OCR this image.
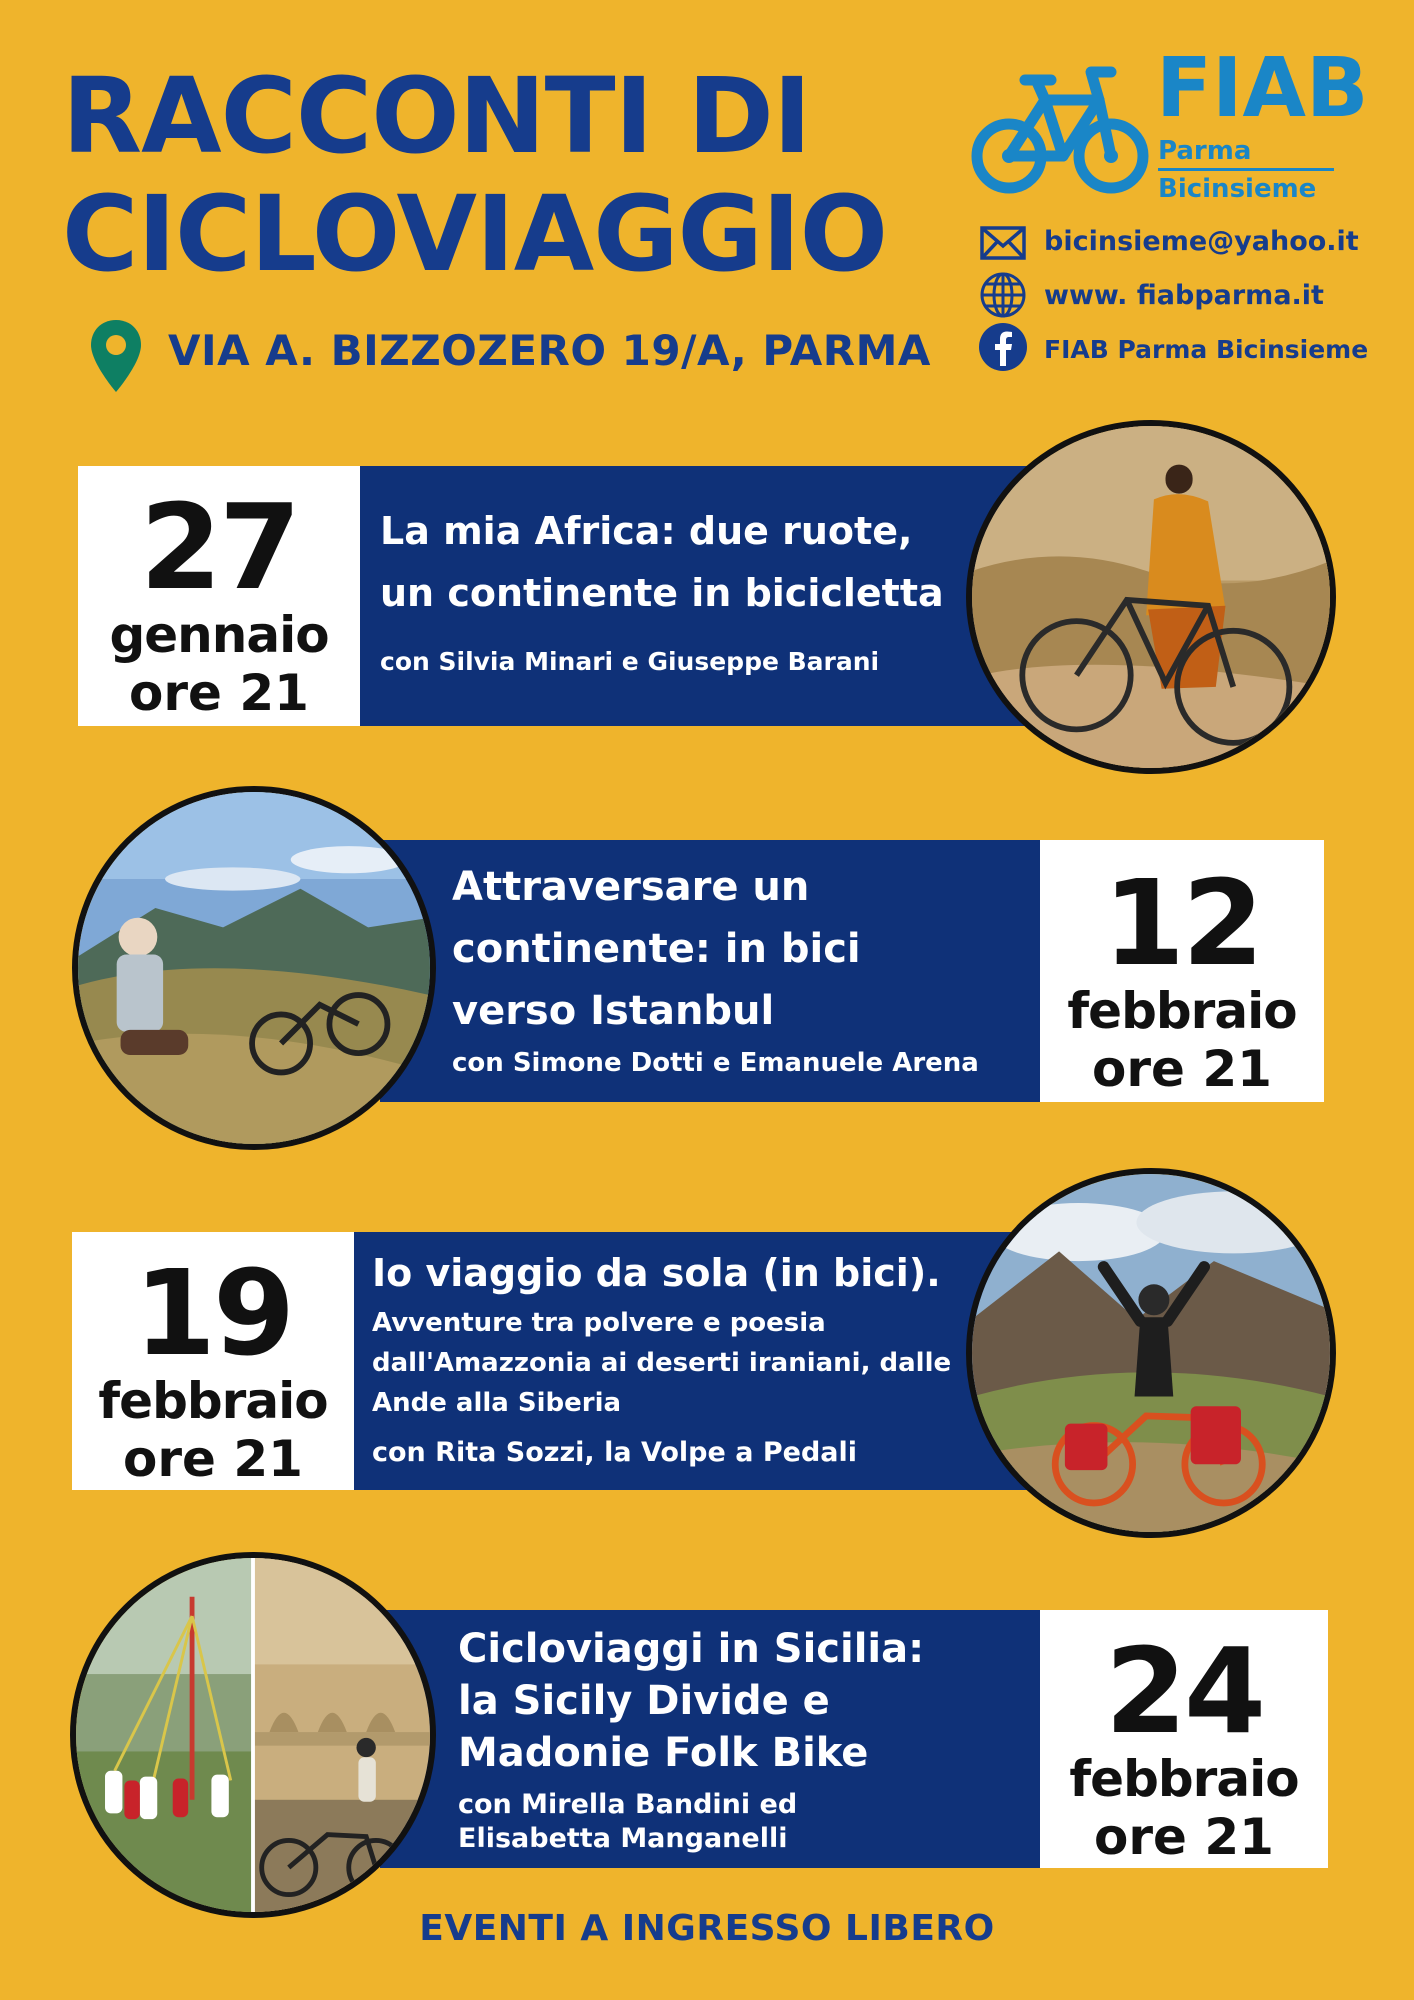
RACCONTI DI
CICLOVIAGGIO
VIA A. BIZZOZERO 19/A, PARMA
FIAB
Parma
Bicinsieme
bicinsieme@yahoo.it
www. fiabparma.it
FIAB Parma Bicinsieme
27
gennaio
ore 21
La mia Africa: due ruote,
un continente in bicicletta
con Silvia Minari e Giuseppe Barani
12
febbraio
ore 21
Attraversare un
continente: in bici
verso Istanbul
con Simone Dotti e Emanuele Arena
19
febbraio
ore 21
Io viaggio da sola (in bici).
Avventure tra polvere e poesia
dall'Amazzonia ai deserti iraniani, dalle
Ande alla Siberia
con Rita Sozzi, la Volpe a Pedali
24
febbraio
ore 21
Cicloviaggi in Sicilia:
la Sicily Divide e
Madonie Folk Bike
con Mirella Bandini ed
Elisabetta Manganelli
EVENTI A INGRESSO LIBERO
